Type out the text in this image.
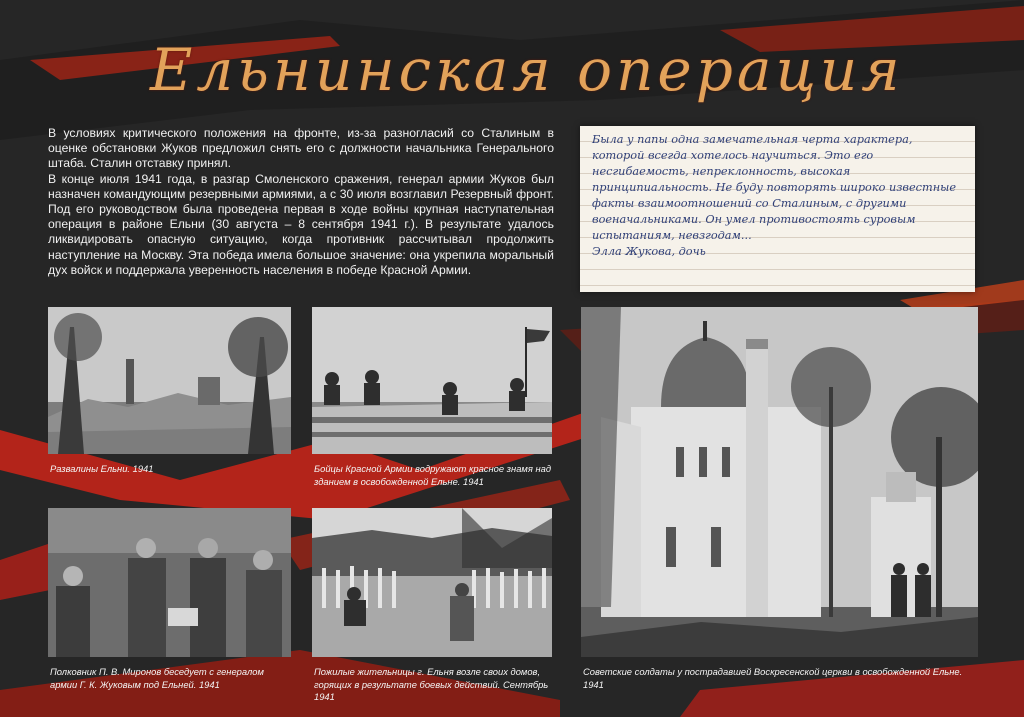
Ельнинская операция

В условиях критического положения на фронте, из-за разногласий со Сталиным в оценке обстановки Жуков предложил снять его с должности начальника Генерального штаба. Сталин отставку принял.

В конце июля 1941 года, в разгар Смоленского сражения, генерал армии Жуков был назначен командующим резервными армиями, а с 30 июля возглавил Резервный фронт. Под его руководством была проведена первая в ходе войны крупная наступательная операция в районе Ельни (30 августа – 8 сентября 1941 г.). В результате удалось ликвидировать опасную ситуацию, когда противник рассчитывал продолжить наступление на Москву. Эта победа имела большое значение: она укрепила моральный дух войск и поддержала уверенность населения в победе Красной Армии.

Была у папы одна замечательная черта характера, которой всегда хотелось научиться. Это его несгибаемость, непреклонность, высокая принципиальность. Не буду повторять широко известные факты взаимоотношений со Сталиным, с другими военачальниками. Он умел противостоять суровым испытаниям, невзгодам...
Элла Жукова, дочь
Развалины Ельни. 1941	Бойцы Красной Армии водружают красное знамя над зданием в освобожденной Ельне. 1941
Полковник П. В. Миронов беседует с генералом армии Г. К. Жуковым под Ельней. 1941
Пожилые жительницы г. Ельня возле своих домов, горящих в результате боевых действий. Сентябрь 1941
Советские солдаты у пострадавшей Воскресенской церкви в освобожденной Ельне. 1941
